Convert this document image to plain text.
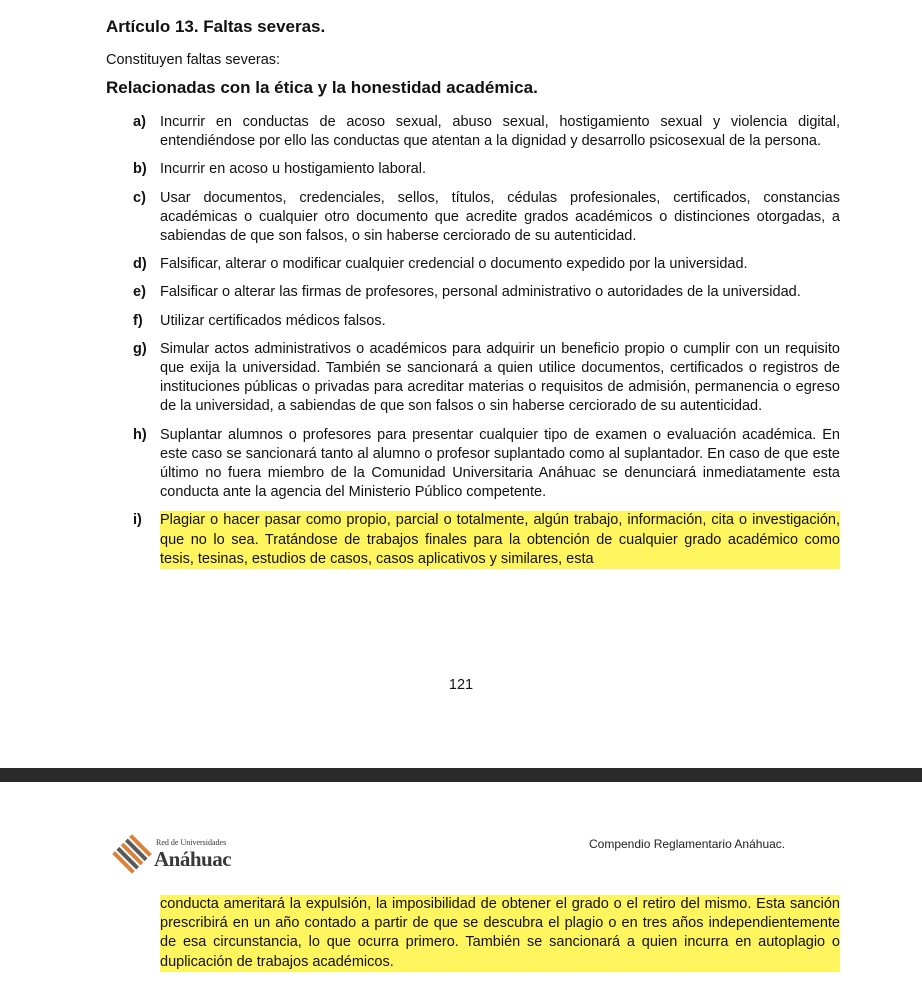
Artículo 13. Faltas severas.
Constituyen faltas severas:
Relacionadas con la ética y la honestidad académica.
a) Incurrir en conductas de acoso sexual, abuso sexual, hostigamiento sexual y violencia digital, entendiéndose por ello las conductas que atentan a la dignidad y desarrollo psicosexual de la persona.
b) Incurrir en acoso u hostigamiento laboral.
c) Usar documentos, credenciales, sellos, títulos, cédulas profesionales, certificados, constancias académicas o cualquier otro documento que acredite grados académicos o distinciones otorgadas, a sabiendas de que son falsos, o sin haberse cerciorado de su autenticidad.
d) Falsificar, alterar o modificar cualquier credencial o documento expedido por la universidad.
e) Falsificar o alterar las firmas de profesores, personal administrativo o autoridades de la universidad.
f) Utilizar certificados médicos falsos.
g) Simular actos administrativos o académicos para adquirir un beneficio propio o cumplir con un requisito que exija la universidad. También se sancionará a quien utilice documentos, certificados o registros de instituciones públicas o privadas para acreditar materias o requisitos de admisión, permanencia o egreso de la universidad, a sabiendas de que son falsos o sin haberse cerciorado de su autenticidad.
h) Suplantar alumnos o profesores para presentar cualquier tipo de examen o evaluación académica. En este caso se sancionará tanto al alumno o profesor suplantado como al suplantador. En caso de que este último no fuera miembro de la Comunidad Universitaria Anáhuac se denunciará inmediatamente esta conducta ante la agencia del Ministerio Público competente.
i) Plagiar o hacer pasar como propio, parcial o totalmente, algún trabajo, información, cita o investigación, que no lo sea. Tratándose de trabajos finales para la obtención de cualquier grado académico como tesis, tesinas, estudios de casos, casos aplicativos y similares, esta
121
Red de Universidades
Anáhuac
Compendio Reglamentario Anáhuac.
conducta ameritará la expulsión, la imposibilidad de obtener el grado o el retiro del mismo. Esta sanción prescribirá en un año contado a partir de que se descubra el plagio o en tres años independientemente de esa circunstancia, lo que ocurra primero. También se sancionará a quien incurra en autoplagio o duplicación de trabajos académicos.
